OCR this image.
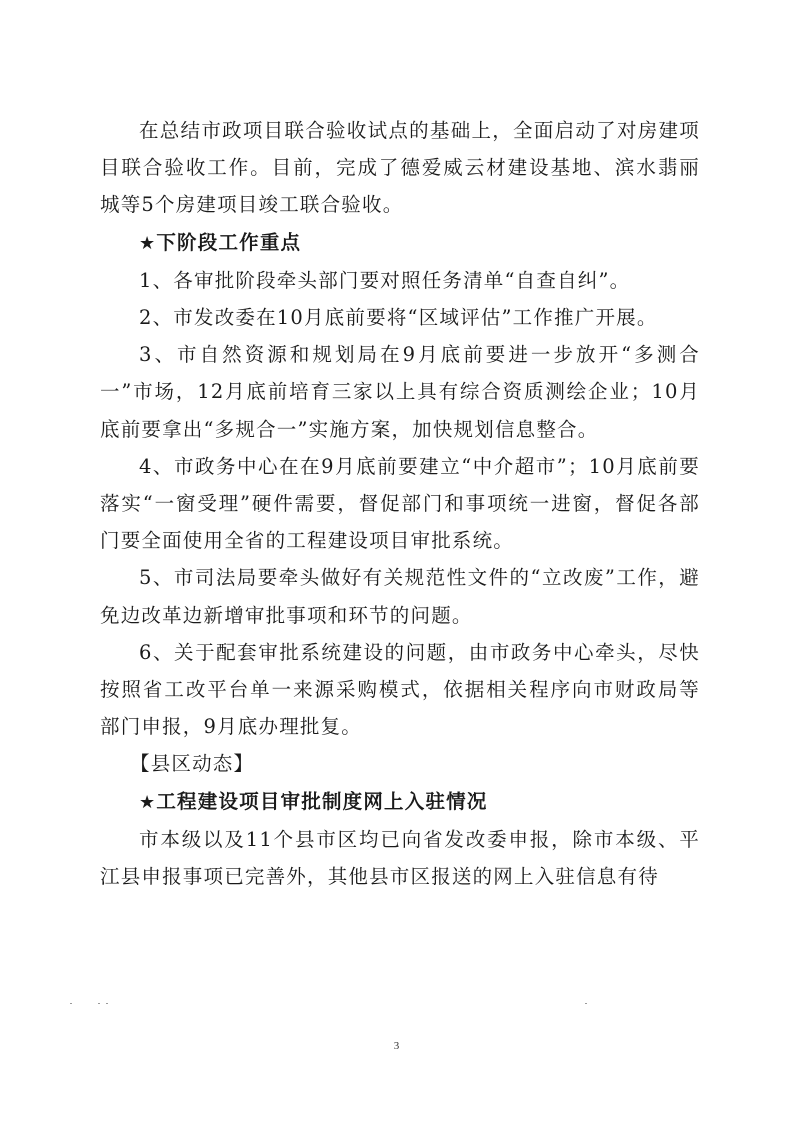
在总结市政项目联合验收试点的基础上，全面启动了对房建项目联合验收工作。目前，完成了德爱威云材建设基地、滨水翡丽城等5个房建项目竣工联合验收。

★下阶段工作重点

1、各审批阶段牵头部门要对照任务清单“自查自纠”。

2、市发改委在10月底前要将“区域评估”工作推广开展。

3、市自然资源和规划局在9月底前要进一步放开“多测合一”市场，12月底前培育三家以上具有综合资质测绘企业；10月底前要拿出“多规合一”实施方案，加快规划信息整合。

4、市政务中心在在9月底前要建立“中介超市”；10月底前要落实“一窗受理”硬件需要，督促部门和事项统一进窗，督促各部门要全面使用全省的工程建设项目审批系统。

5、市司法局要牵头做好有关规范性文件的“立改废”工作，避免边改革边新增审批事项和环节的问题。

6、关于配套审批系统建设的问题，由市政务中心牵头，尽快按照省工改平台单一来源采购模式，依据相关程序向市财政局等部门申报，9月底办理批复。

【县区动态】
★工程建设项目审批制度网上入驻情况

市本级以及11个县市区均已向省发改委申报，除市本级、平江县申报事项已完善外，其他县市区报送的网上入驻信息有待

3
